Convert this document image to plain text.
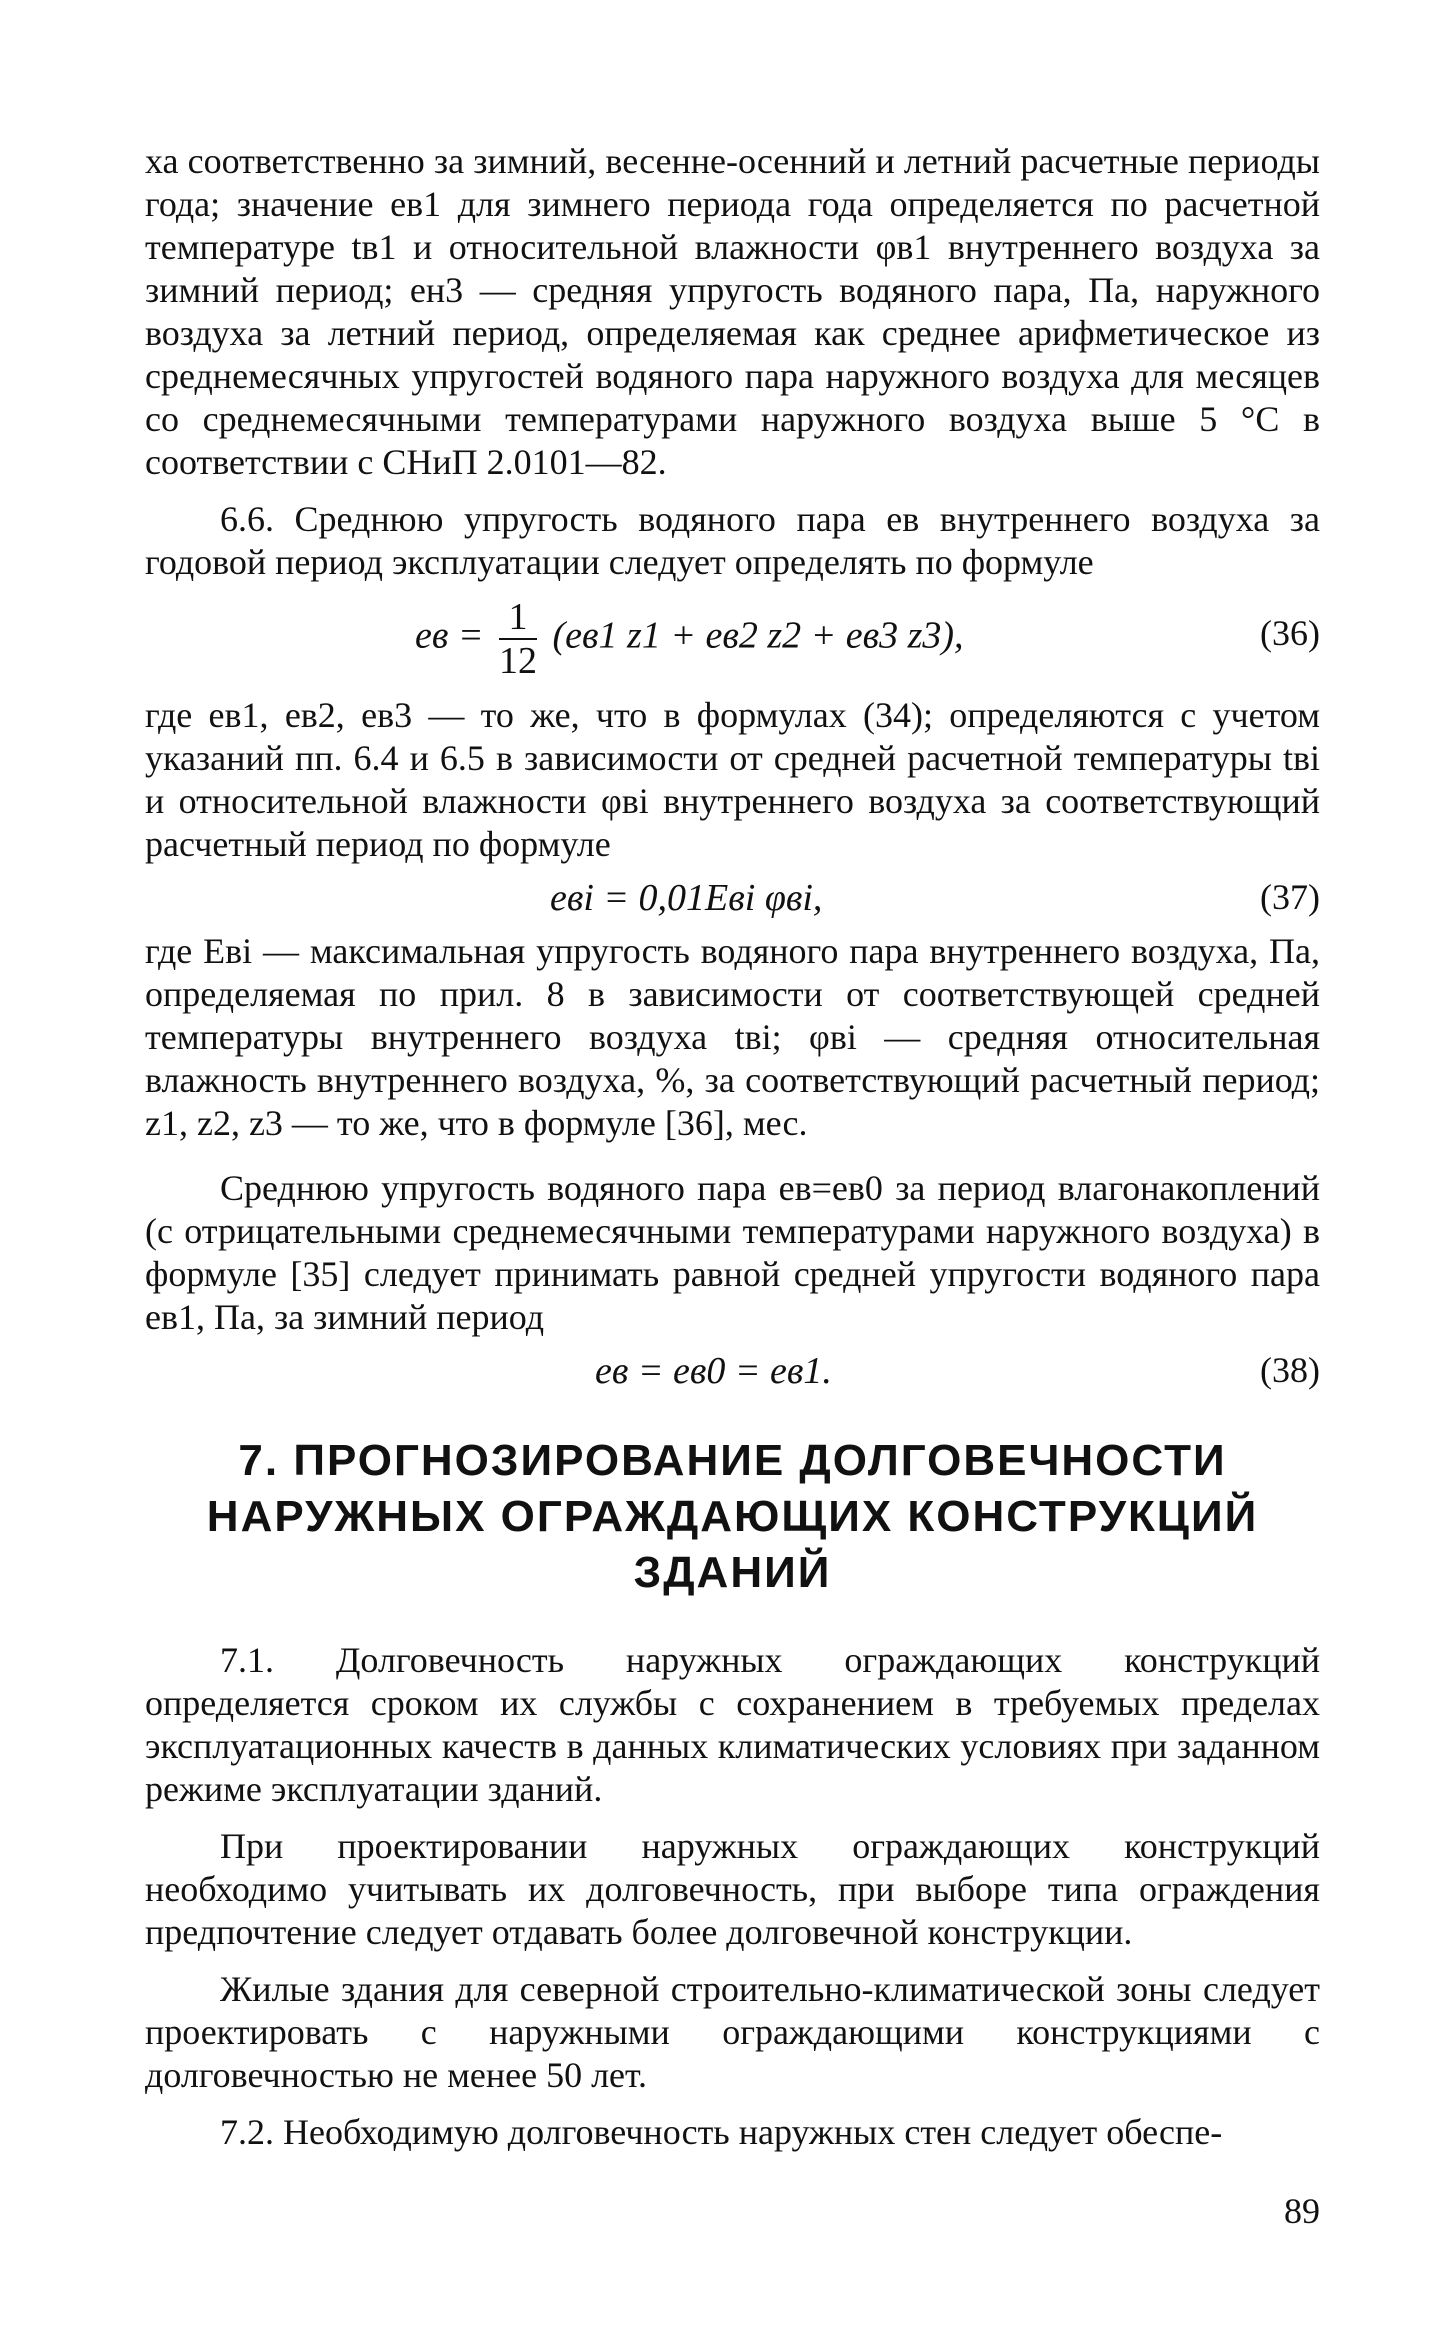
ха соответственно за зимний, весенне-осенний и летний расчетные периоды года; значение eв1 для зимнего периода года определяется по расчетной температуре tв1 и относительной влажности φв1 внутреннего воздуха за зимний период; eн3 — средняя упругость водяного пара, Па, наружного воздуха за летний период, определяемая как среднее арифметическое из среднемесячных упругостей водяного пара наружного воздуха для месяцев со среднемесячными температурами наружного воздуха выше 5 °С в соответствии с СНиП 2.0101—82.

6.6. Среднюю упругость водяного пара eв внутреннего воздуха за годовой период эксплуатации следует определять по формуле

eв = $\frac{1}{12} (eв1$ z1 + eв2 z2 + eв3 z3),	(36)

где eв1, eв2, eв3 — то же, что в формулах (34); определяются с учетом указаний пп. 6.4 и 6.5 в зависимости от средней расчетной температуры tвi и относительной влажности φвi внутреннего воздуха за соответствующий расчетный период по формуле

eвi = 0,01Eвi φвi,	(37)

где Eвi — максимальная упругость водяного пара внутреннего воздуха, Па, определяемая по прил. 8 в зависимости от соответствующей средней температуры внутреннего воздуха tвi; φвi — средняя относительная влажность внутреннего воздуха, %, за соответствующий расчетный период; z1, z2, z3 — то же, что в формуле [36], мес.

Среднюю упругость водяного пара eв=eв0 за период влагонакоплений (с отрицательными среднемесячными температурами наружного воздуха) в формуле [35] следует принимать равной средней упругости водяного пара eв1, Па, за зимний период

eв = eв0 = eв1.	(38)
7. ПРОГНОЗИРОВАНИЕ ДОЛГОВЕЧНОСТИ
НАРУЖНЫХ ОГРАЖДАЮЩИХ КОНСТРУКЦИЙ
ЗДАНИЙ

7.1. Долговечность наружных ограждающих конструкций определяется сроком их службы с сохранением в требуемых пределах эксплуатационных качеств в данных климатических условиях при заданном режиме эксплуатации зданий.

При проектировании наружных ограждающих конструкций необходимо учитывать их долговечность, при выборе типа ограждения предпочтение следует отдавать более долговечной конструкции.

Жилые здания для северной строительно-климатической зоны следует проектировать с наружными ограждающими конструкциями с долговечностью не менее 50 лет.

7.2. Необходимую долговечность наружных стен следует обеспе-

89
